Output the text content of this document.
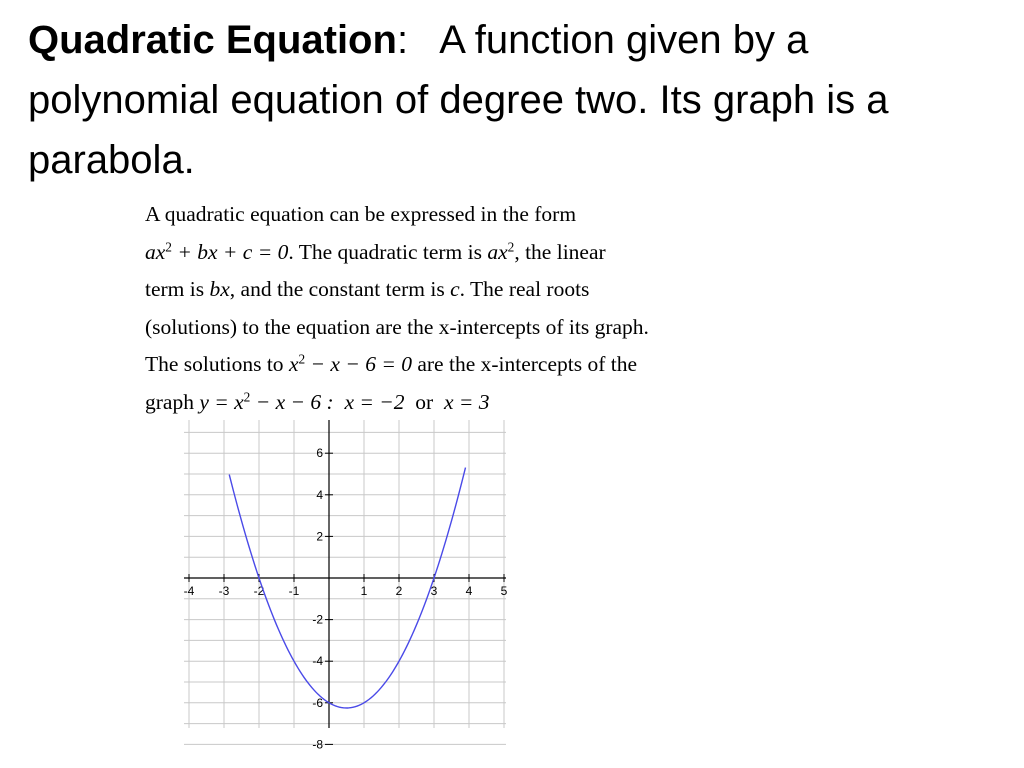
Quadratic Equation: A function given by a polynomial equation of degree two. Its graph is a parabola.
A quadratic equation can be expressed in the form
$ax^2$ + bx + c = 0. The quadratic term is $ax^2$, the linear
term is bx, and the constant term is c. The real roots
(solutions) to the equation are the x-intercepts of its graph.
The solutions to $x^2 - x - 6 = 0$ are the x-intercepts of the
graph $y = x^2 - x - 6$ : x = −2 or x = 3
-4 -3 -2 -1	1 2 3 4 5
6
4
2
-2
-4
-6
-8
